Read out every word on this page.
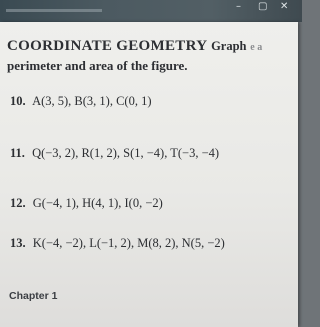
– ▢ ✕
COORDINATE GEOMETRY Graph e a
perimeter and area of the figure.
10. A(3, 5), B(3, 1), C(0, 1)
11. Q(−3, 2), R(1, 2), S(1, −4), T(−3, −4)
12. G(−4, 1), H(4, 1), I(0, −2)
13. K(−4, −2), L(−1, 2), M(8, 2), N(5, −2)
Chapter 1
